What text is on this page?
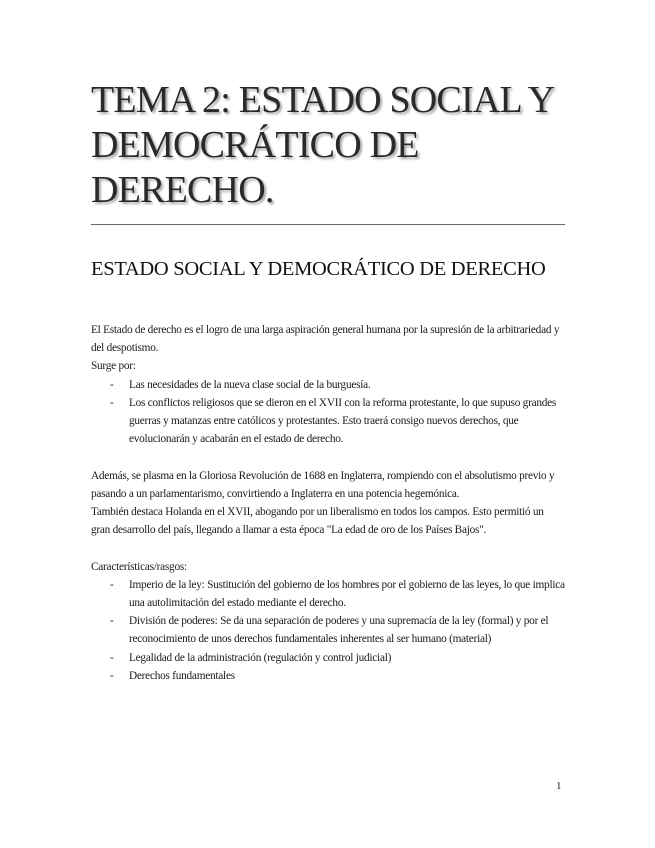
TEMA 2: ESTADO SOCIAL Y DEMOCRÁTICO DE DERECHO.
ESTADO SOCIAL Y DEMOCRÁTICO DE DERECHO

El Estado de derecho es el logro de una larga aspiración general humana por la supresión de la arbitrariedad y del despotismo.

Surge por:

- Las necesidades de la nueva clase social de la burguesía.
- Los conflictos religiosos que se dieron en el XVII con la reforma protestante, lo que supuso grandes guerras y matanzas entre católicos y protestantes. Esto traerá consigo nuevos derechos, que evolucionarán y acabarán en el estado de derecho.

Además, se plasma en la Gloriosa Revolución de 1688 en Inglaterra, rompiendo con el absolutismo previo y pasando a un parlamentarismo, convirtiendo a Inglaterra en una potencia hegemónica.

También destaca Holanda en el XVII, abogando por un liberalismo en todos los campos. Esto permitió un gran desarrollo del país, llegando a llamar a esta época "La edad de oro de los Países Bajos".

Características/rasgos:

- Imperio de la ley: Sustitución del gobierno de los hombres por el gobierno de las leyes, lo que implica una autolimitación del estado mediante el derecho.
- División de poderes: Se da una separación de poderes y una supremacía de la ley (formal) y por el reconocimiento de unos derechos fundamentales inherentes al ser humano (material)
- Legalidad de la administración (regulación y control judicial)
- Derechos fundamentales
1
